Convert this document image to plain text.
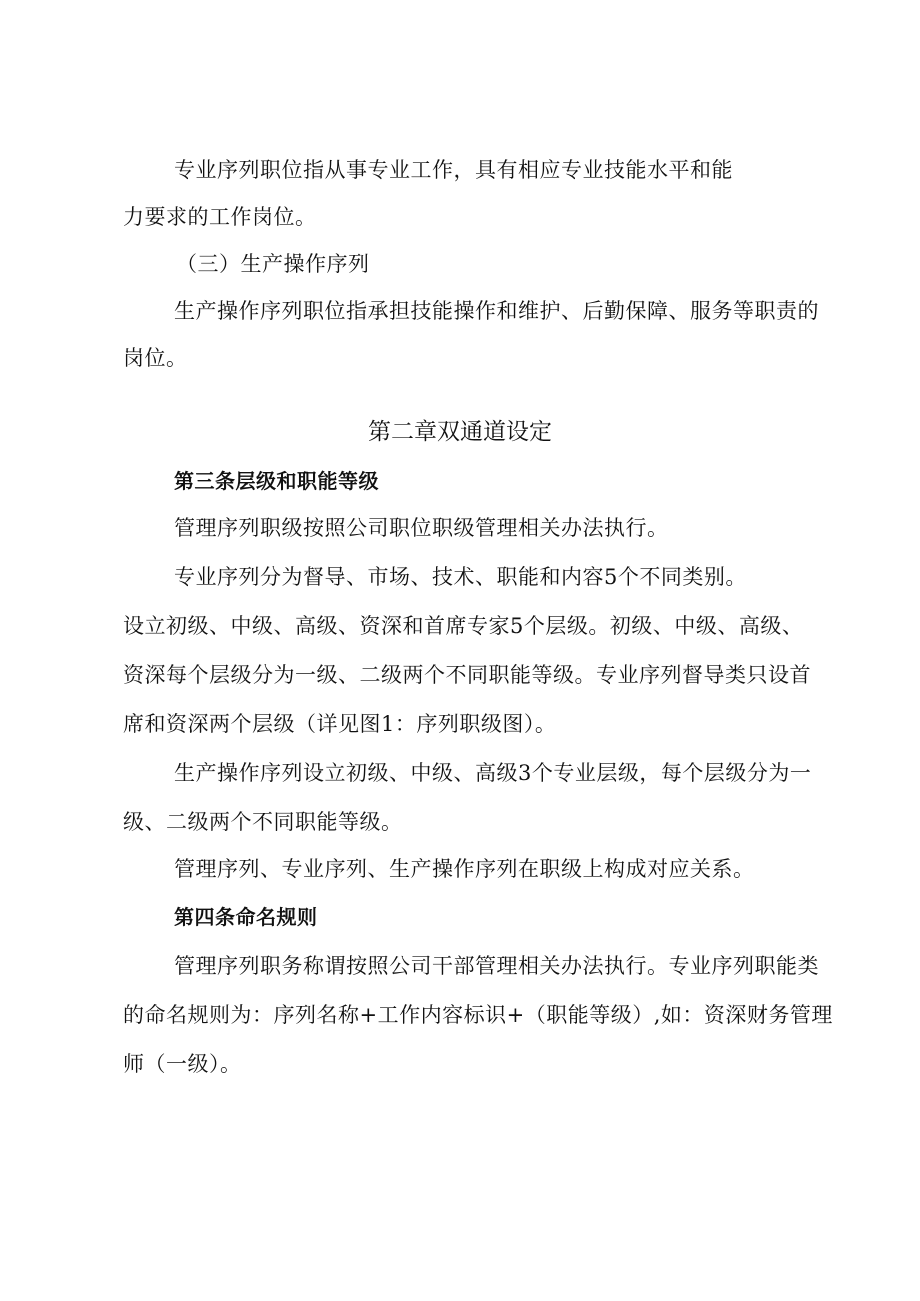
专业序列职位指从事专业工作，具有相应专业技能水平和能
力要求的工作岗位。
（三）生产操作序列
生产操作序列职位指承担技能操作和维护、后勤保障、服务等职责的
岗位。
第二章双通道设定
第三条层级和职能等级
管理序列职级按照公司职位职级管理相关办法执行。
专业序列分为督导、市场、技术、职能和内容5个不同类别。
设立初级、中级、高级、资深和首席专家5个层级。初级、中级、高级、
资深每个层级分为一级、二级两个不同职能等级。专业序列督导类只设首
席和资深两个层级（详见图1：序列职级图）。
生产操作序列设立初级、中级、高级3个专业层级，每个层级分为一
级、二级两个不同职能等级。
管理序列、专业序列、生产操作序列在职级上构成对应关系。
第四条命名规则
管理序列职务称谓按照公司干部管理相关办法执行。专业序列职能类
的命名规则为：序列名称+工作内容标识+（职能等级）,如：资深财务管理
师（一级）。
